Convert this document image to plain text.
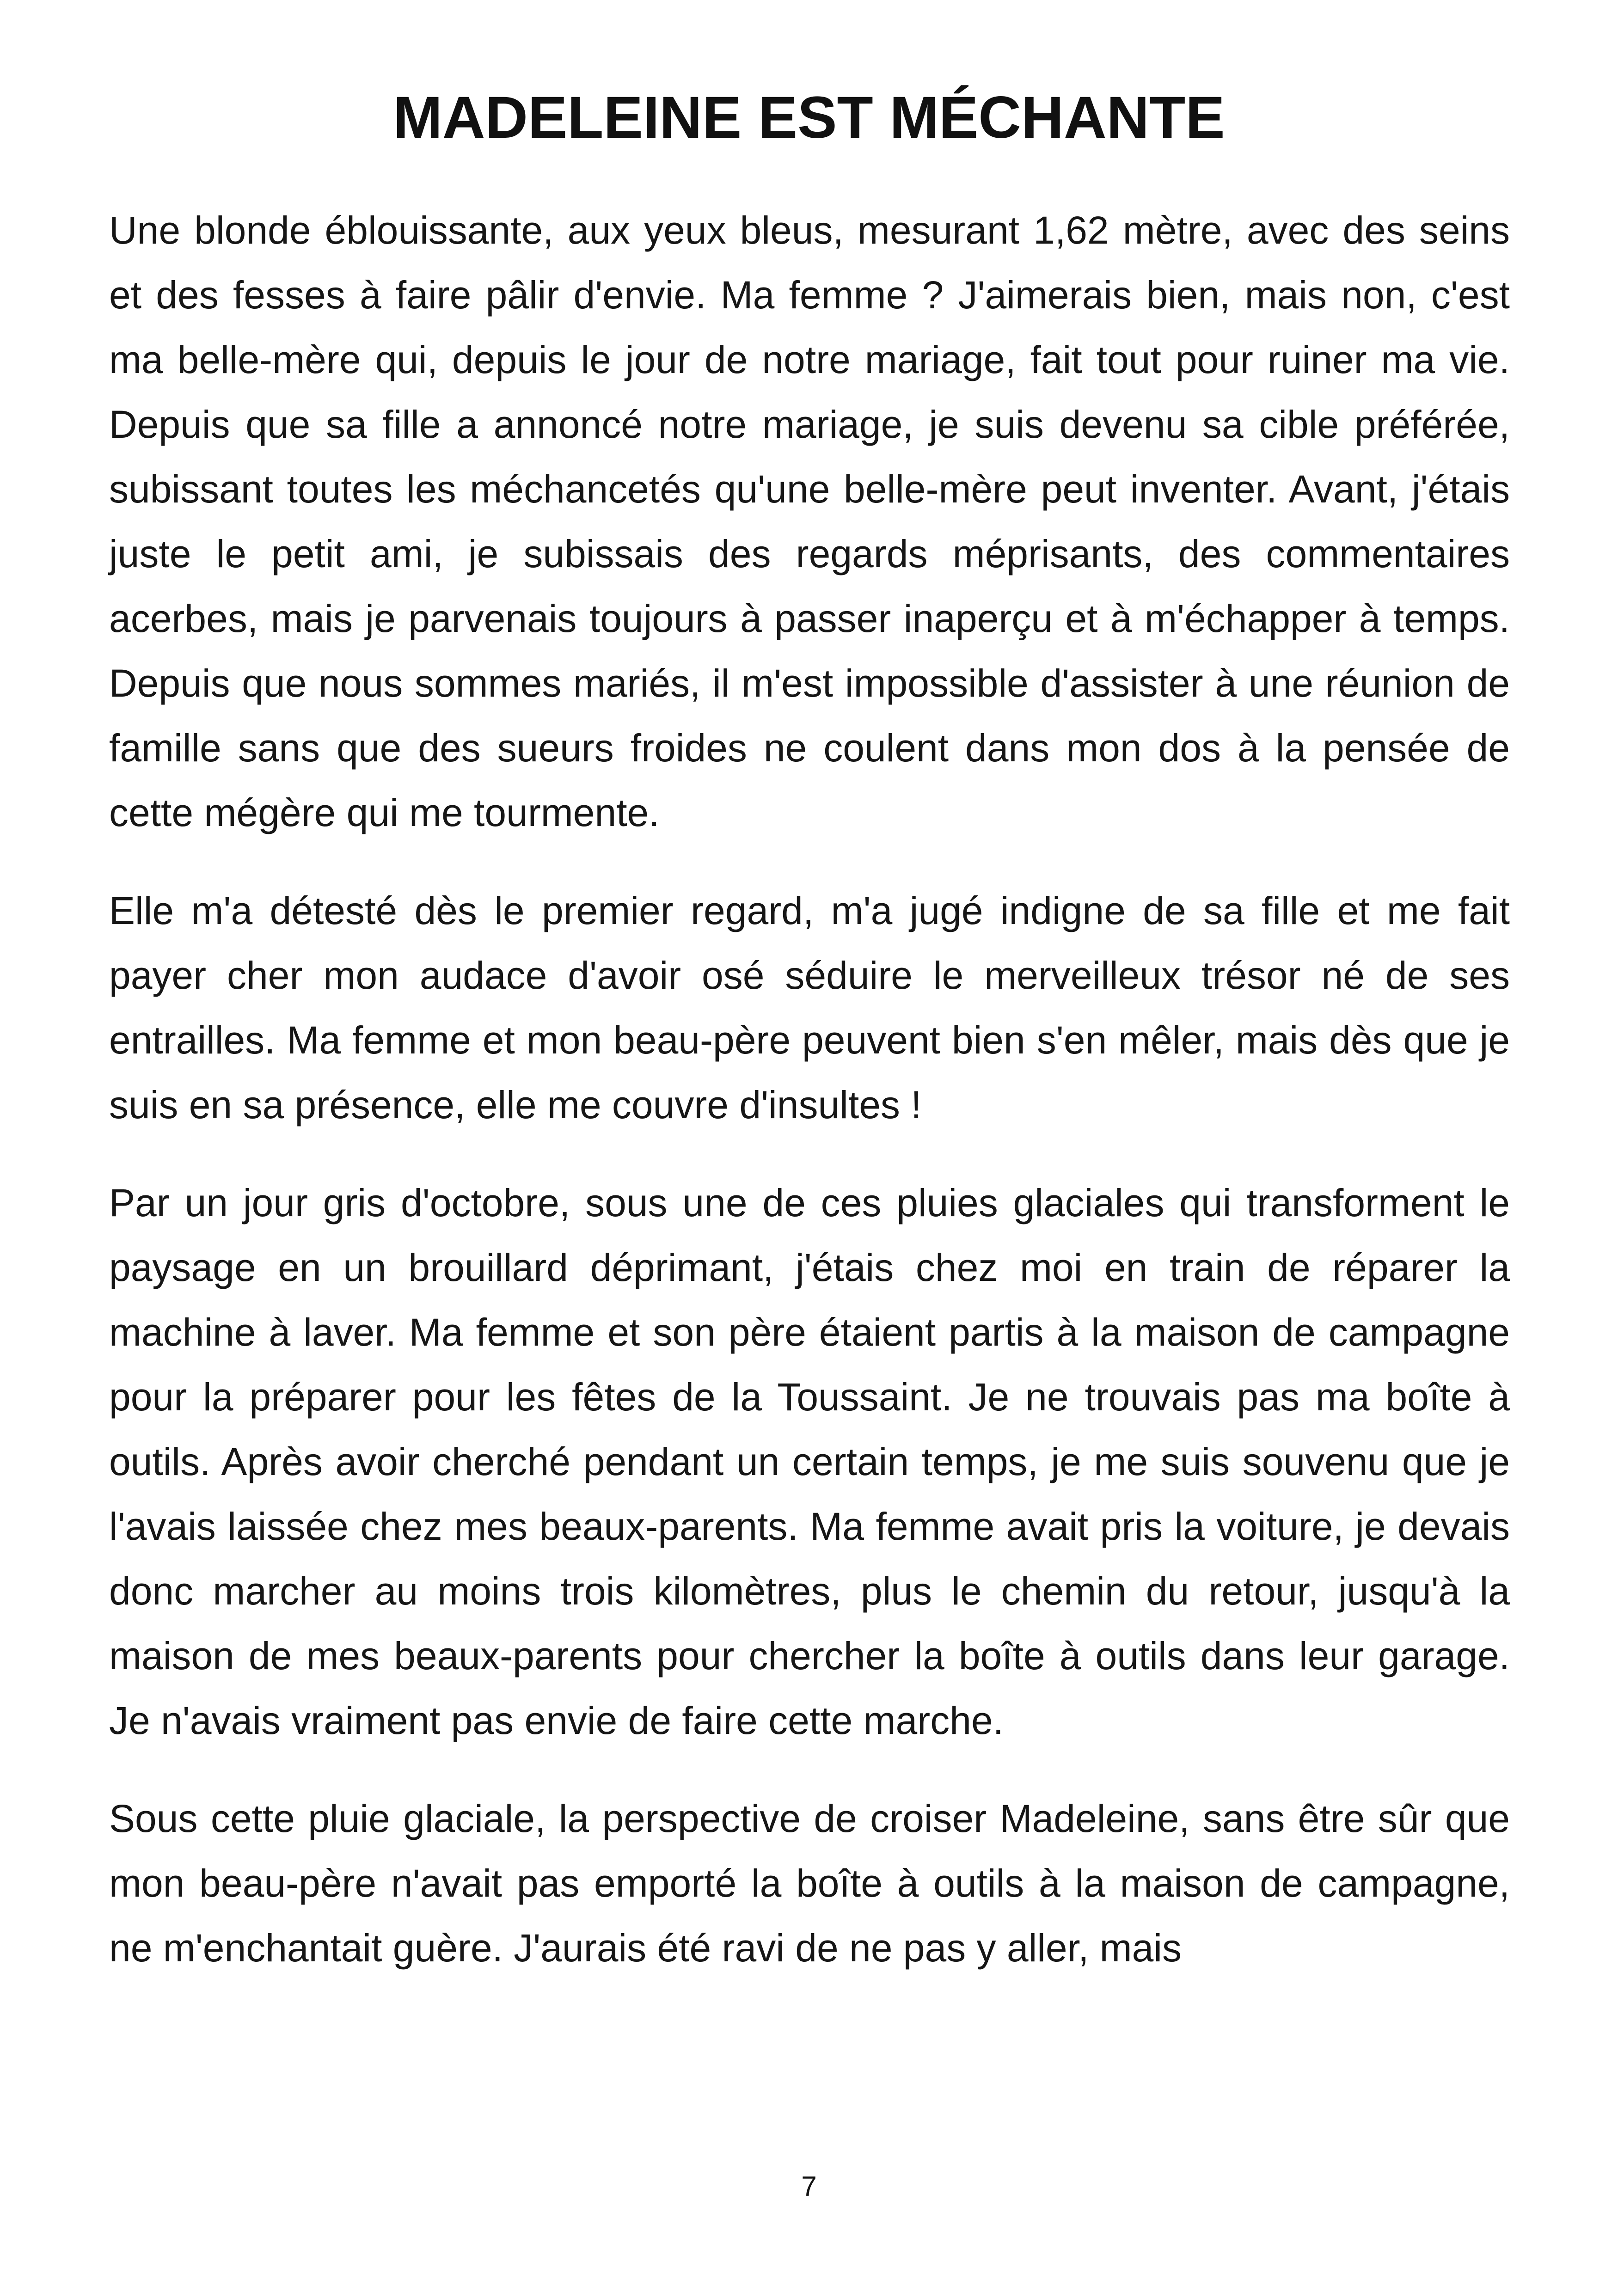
MADELEINE EST MÉCHANTE

Une blonde éblouissante, aux yeux bleus, mesurant 1,62 mètre, avec des seins et des fesses à faire pâlir d'envie. Ma femme ? J'aimerais bien, mais non, c'est ma belle-mère qui, depuis le jour de notre mariage, fait tout pour ruiner ma vie. Depuis que sa fille a annoncé notre mariage, je suis devenu sa cible préférée, subissant toutes les méchancetés qu'une belle-mère peut inventer. Avant, j'étais juste le petit ami, je subissais des regards méprisants, des commentaires acerbes, mais je parvenais toujours à passer inaperçu et à m'échapper à temps. Depuis que nous sommes mariés, il m'est impossible d'assister à une réunion de famille sans que des sueurs froides ne coulent dans mon dos à la pensée de cette mégère qui me tourmente.

Elle m'a détesté dès le premier regard, m'a jugé indigne de sa fille et me fait payer cher mon audace d'avoir osé séduire le merveilleux trésor né de ses entrailles. Ma femme et mon beau-père peuvent bien s'en mêler, mais dès que je suis en sa présence, elle me couvre d'insultes !

Par un jour gris d'octobre, sous une de ces pluies glaciales qui transforment le paysage en un brouillard déprimant, j'étais chez moi en train de réparer la machine à laver. Ma femme et son père étaient partis à la maison de campagne pour la préparer pour les fêtes de la Toussaint. Je ne trouvais pas ma boîte à outils. Après avoir cherché pendant un certain temps, je me suis souvenu que je l'avais laissée chez mes beaux-parents. Ma femme avait pris la voiture, je devais donc marcher au moins trois kilomètres, plus le chemin du retour, jusqu'à la maison de mes beaux-parents pour chercher la boîte à outils dans leur garage. Je n'avais vraiment pas envie de faire cette marche.

Sous cette pluie glaciale, la perspective de croiser Madeleine, sans être sûr que mon beau-père n'avait pas emporté la boîte à outils à la maison de campagne, ne m'enchantait guère. J'aurais été ravi de ne pas y aller, mais

7
